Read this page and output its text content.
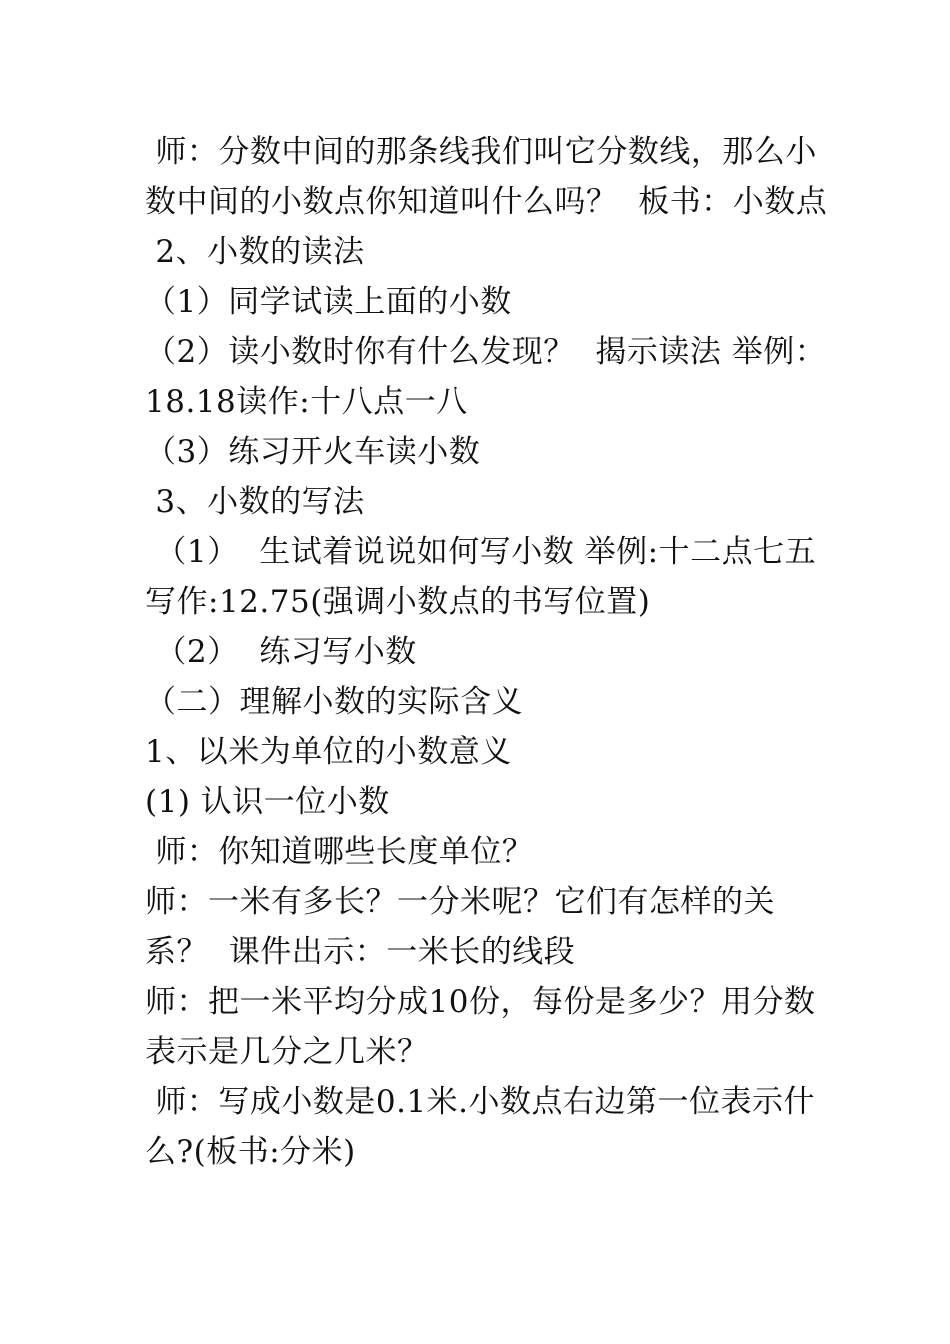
师：分数中间的那条线我们叫它分数线，那么小数中间的小数点你知道叫什么吗？  板书：小数点

2、小数的读法

（1）同学试读上面的小数

（2）读小数时你有什么发现？  揭示读法 举例：18.18读作:十八点一八

（3）练习开火车读小数

3、小数的写法

（1）  生试着说说如何写小数 举例:十二点七五写作:12.75(强调小数点的书写位置)

（2）  练习写小数

（二）理解小数的实际含义

1、以米为单位的小数意义

(1) 认识一位小数

师：你知道哪些长度单位？

师：一米有多长？一分米呢？它们有怎样的关系？  课件出示：一米长的线段

师：把一米平均分成10份，每份是多少？用分数表示是几分之几米？

师：写成小数是0.1米.小数点右边第一位表示什么?(板书:分米)
